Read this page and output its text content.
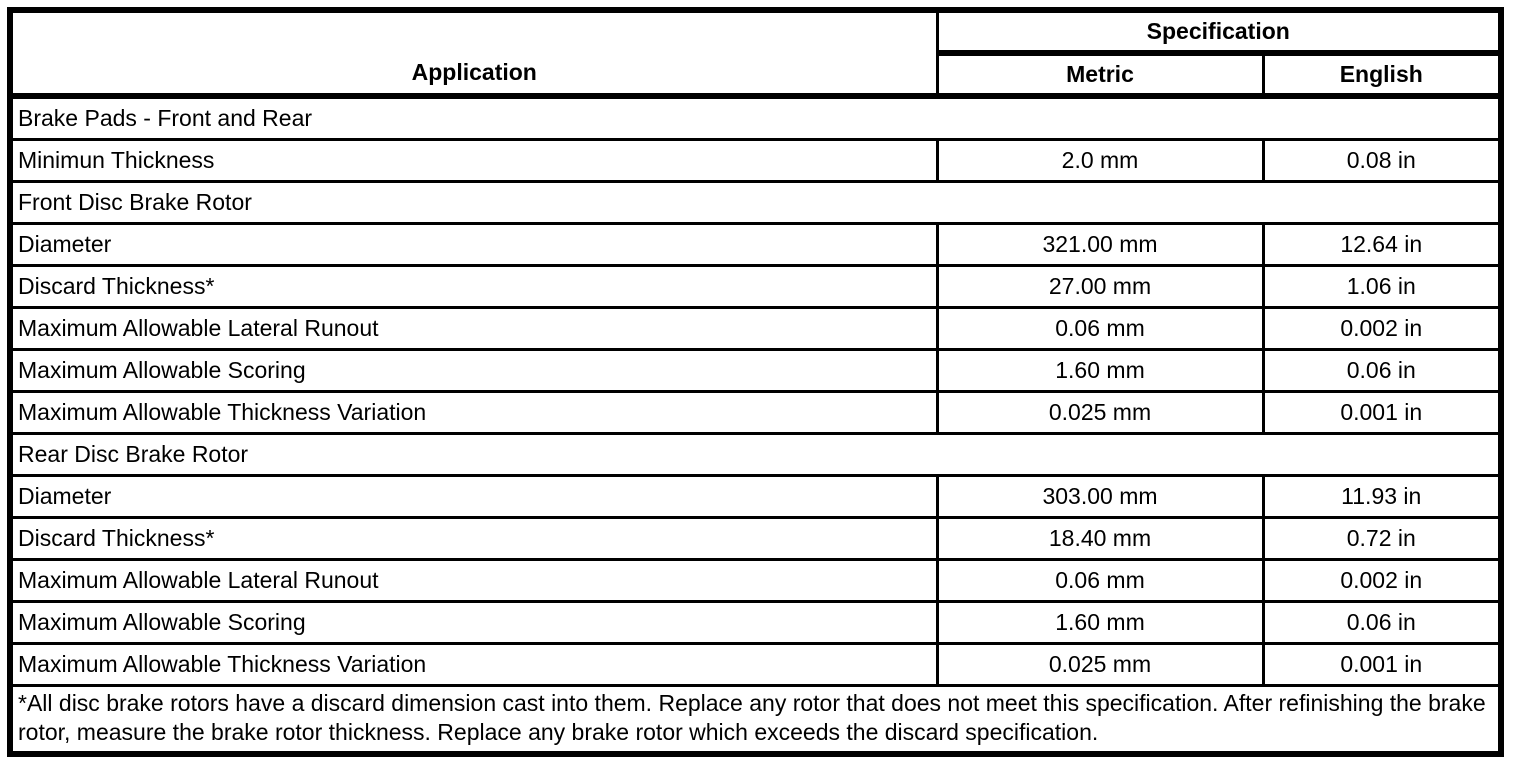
Application	Specification	
	Metric	English
Brake Pads - Front and Rear		
Minimun Thickness	2.0 mm	0.08 in
Front Disc Brake Rotor		
Diameter	321.00 mm	12.64 in
Discard Thickness*	27.00 mm	1.06 in
Maximum Allowable Lateral Runout	0.06 mm	0.002 in
Maximum Allowable Scoring	1.60 mm	0.06 in
Maximum Allowable Thickness Variation	0.025 mm	0.001 in
Rear Disc Brake Rotor		
Diameter	303.00 mm	11.93 in
Discard Thickness*	18.40 mm	0.72 in
Maximum Allowable Lateral Runout	0.06 mm	0.002 in
Maximum Allowable Scoring	1.60 mm	0.06 in
Maximum Allowable Thickness Variation	0.025 mm	0.001 in
*All disc brake rotors have a discard dimension cast into them. Replace any rotor that does not meet this specification. After refinishing the brake rotor, measure the brake rotor thickness. Replace any brake rotor which exceeds the discard specification.		
